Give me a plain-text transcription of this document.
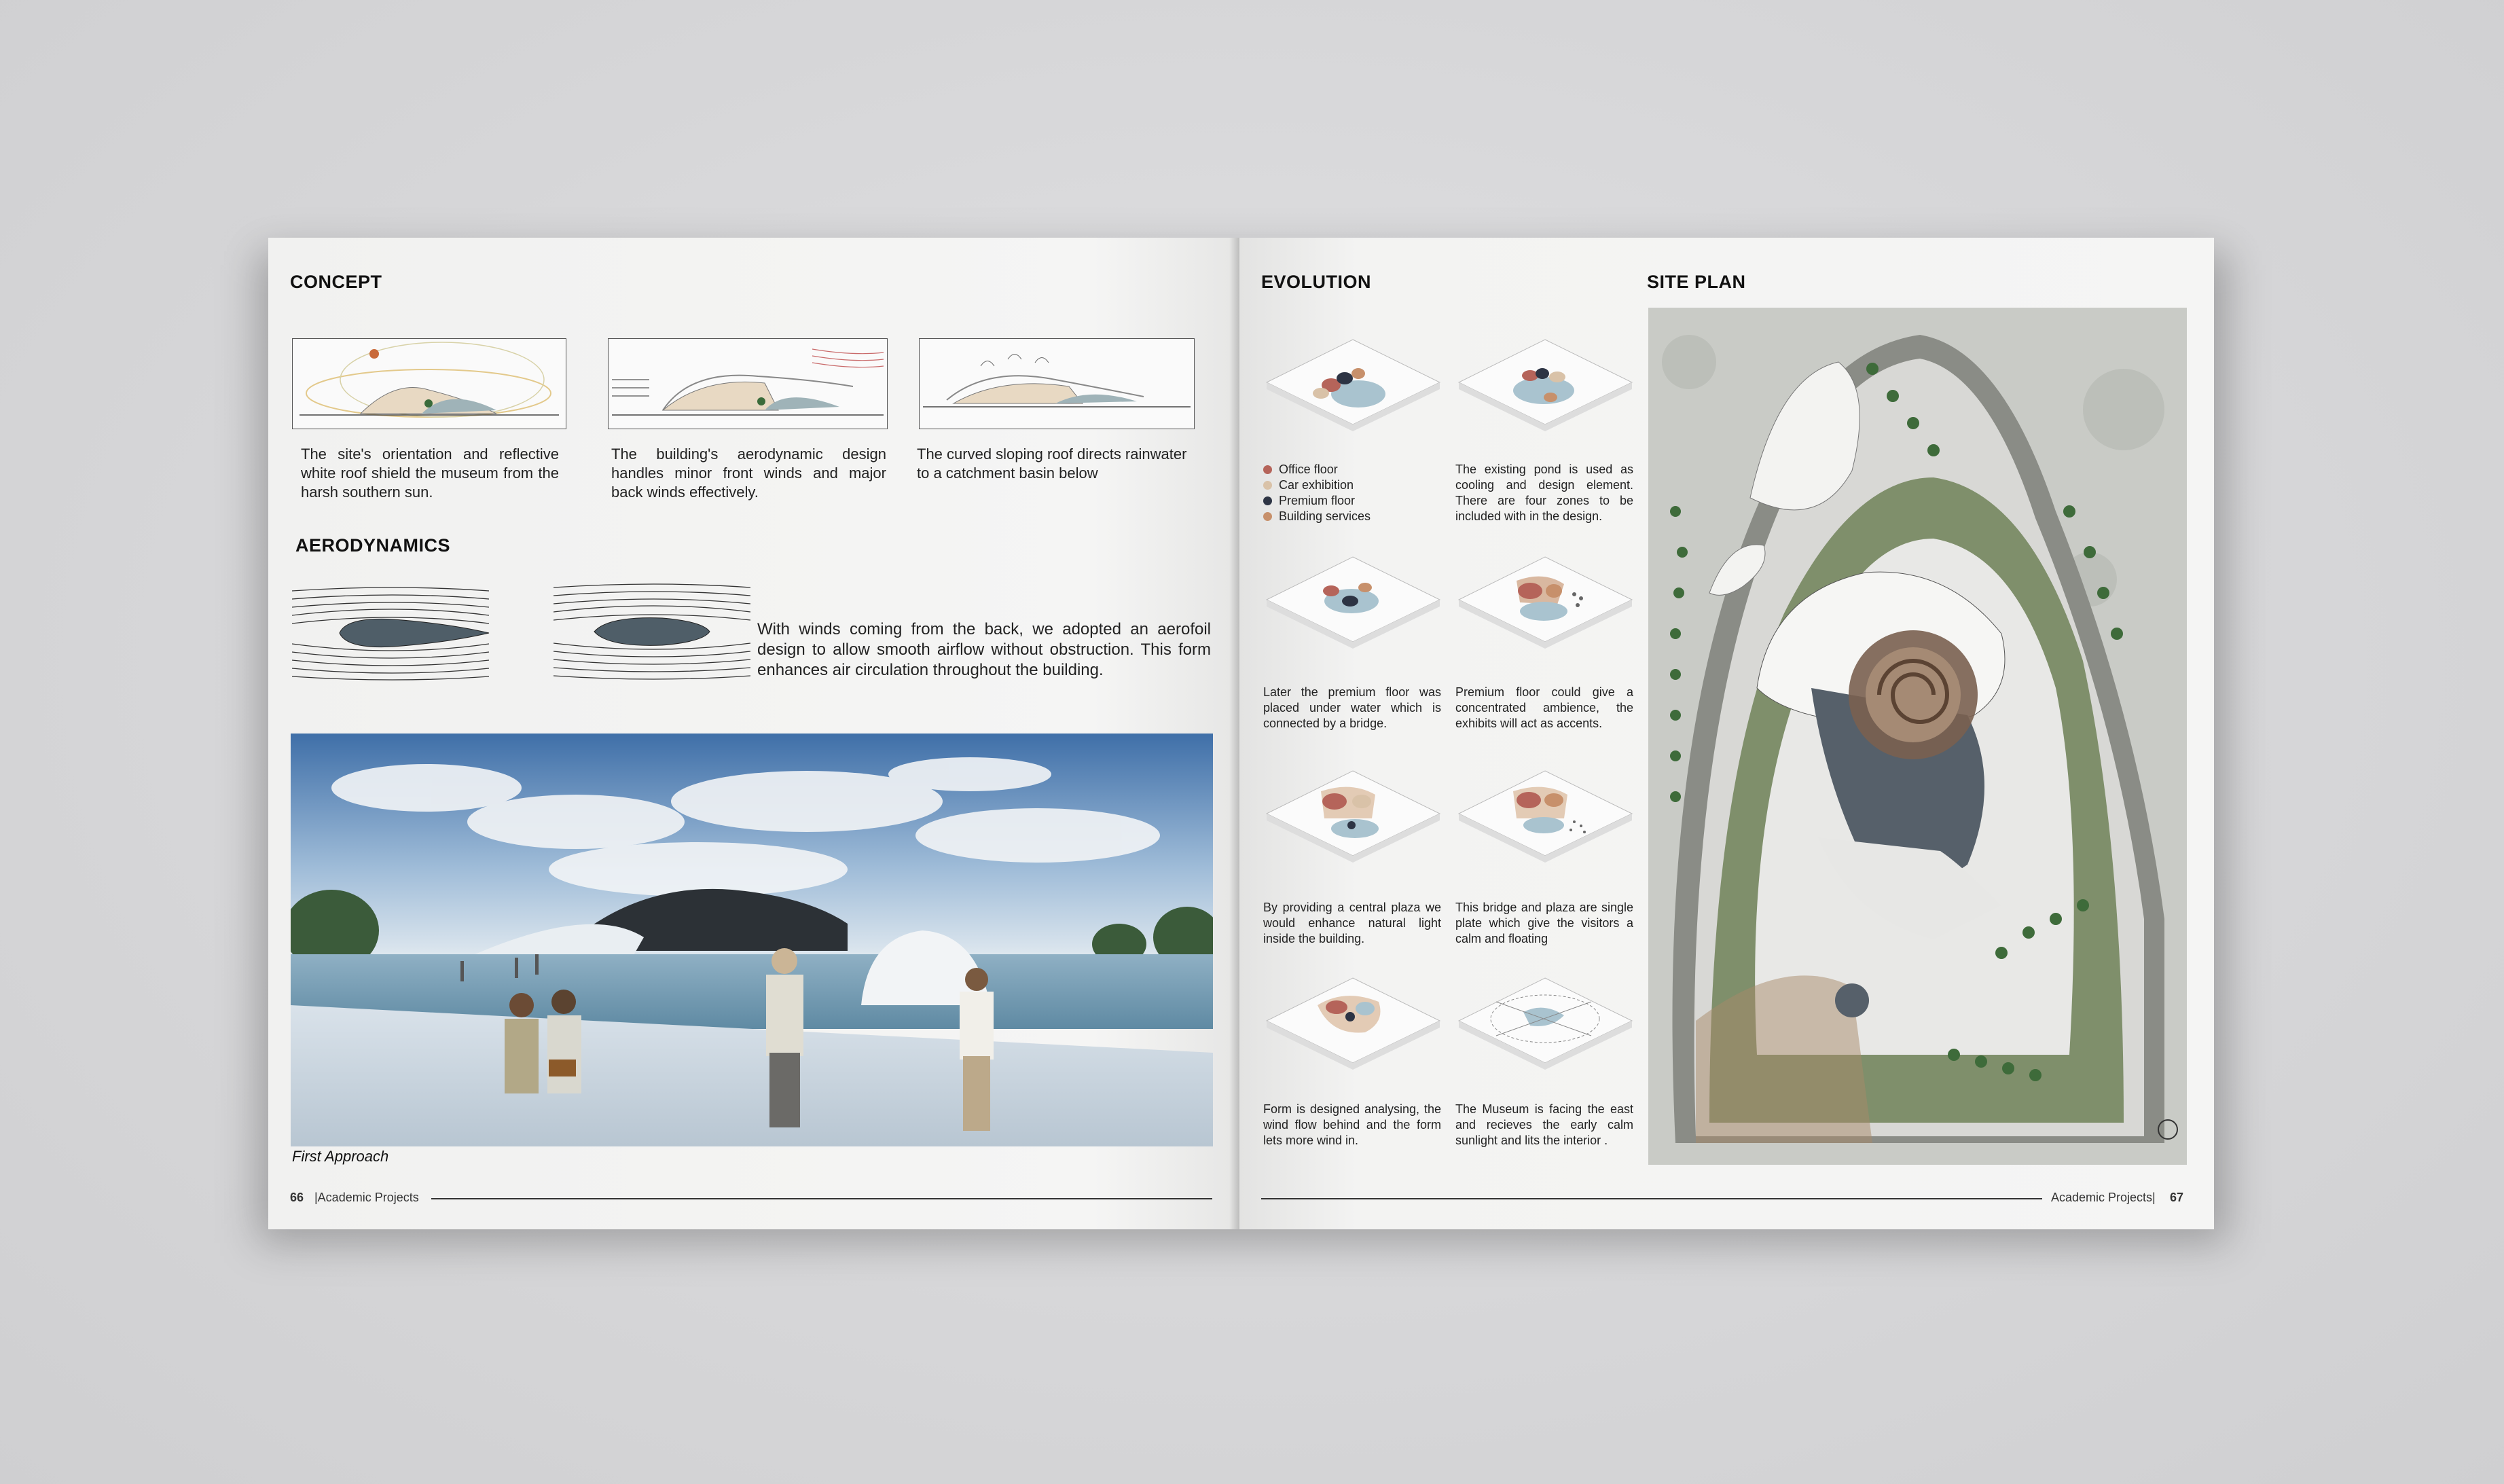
CONCEPT
The site's orientation and reflective white roof shield the museum from the harsh southern sun.
The building's aerodynamic design handles minor front winds and major back winds effectively.
The curved sloping roof directs rainwater to a catchment basin below
AERODYNAMICS
With winds coming from the back, we adopted an aerofoil design to allow smooth airflow without obstruction. This form enhances air circulation throughout the building.
First Approach
66 |Academic Projects
EVOLUTION	SITE PLAN
Office floor
Car exhibition
Premium floor
Building services
The existing pond is used as cooling and design element. There are four zones to be included with in the design.
Later the premium floor was placed under water which is connected by a bridge.
Premium floor could give a concentrated ambience, the exhibits will act as accents.
By providing a central plaza we would enhance natural light inside the building.
This bridge and plaza are single plate which give the visitors a calm and floating
Form is designed analysing, the wind flow behind and the form lets more wind in.
The Museum is facing the east and recieves the early calm sunlight and lits the interior .
Academic Projects| 67
